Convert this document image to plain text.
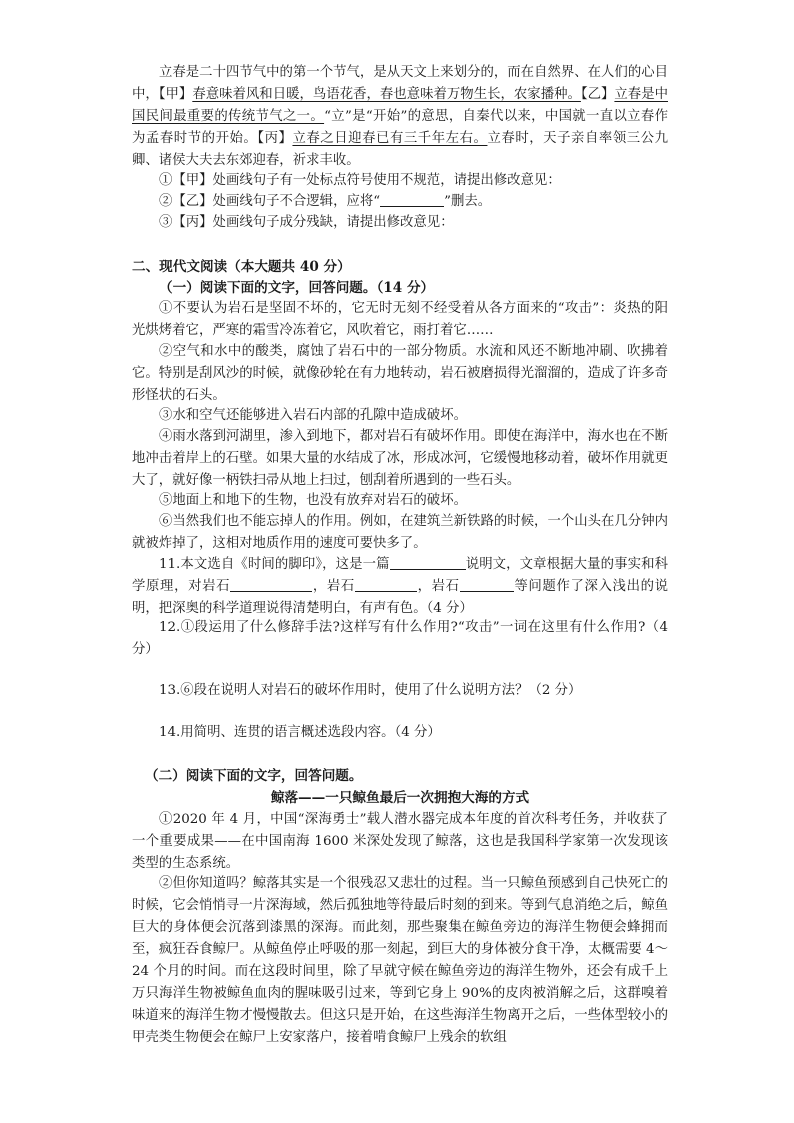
立春是二十四节气中的第一个节气，是从天文上来划分的，而在自然界、在人们的心目中，【甲】春意味着风和日暖，鸟语花香，春也意味着万物生长，农家播种。【乙】立春是中国民间最重要的传统节气之一。“立”是“开始”的意思，自秦代以来，中国就一直以立春作为孟春时节的开始。【丙】立春之日迎春已有三千年左右。立春时，天子亲自率领三公九卿、诸侯大夫去东郊迎春，祈求丰收。

①【甲】处画线句子有一处标点符号使用不规范，请提出修改意见：
②【乙】处画线句子不合逻辑，应将“	”删去。
③【丙】处画线句子成分残缺，请提出修改意见：
二、现代文阅读（本大题共 40 分）
（一）阅读下面的文字，回答问题。（14 分）

①不要认为岩石是坚固不坏的，它无时无刻不经受着从各方面来的“攻击”：炎热的阳光烘烤着它，严寒的霜雪冷冻着它，风吹着它，雨打着它……

②空气和水中的酸类，腐蚀了岩石中的一部分物质。水流和风还不断地冲刷、吹拂着它。特别是刮风沙的时候，就像砂轮在有力地转动，岩石被磨损得光溜溜的，造成了许多奇形怪状的石头。

③水和空气还能够进入岩石内部的孔隙中造成破坏。

④雨水落到河湖里，渗入到地下，都对岩石有破坏作用。即使在海洋中，海水也在不断地冲击着岸上的石壁。如果大量的水结成了冰，形成冰河，它缓慢地移动着，破坏作用就更大了，就好像一柄铁扫帚从地上扫过，刨刮着所遇到的一些石头。

⑤地面上和地下的生物，也没有放弃对岩石的破坏。

⑥当然我们也不能忘掉人的作用。例如，在建筑兰新铁路的时候，一个山头在几分钟内就被炸掉了，这相对地质作用的速度可要快多了。

11.本文选自《时间的脚印》，这是一篇	说明文，文章根据大量的事实和科学原理，对岩石	，岩石	，岩石	等问题作了深入浅出的说明，把深奥的科学道理说得清楚明白，有声有色。（4 分）

12.①段运用了什么修辞手法?这样写有什么作用?“攻击”一词在这里有什么作用?（4 分）

13.⑥段在说明人对岩石的破坏作用时，使用了什么说明方法？（2 分）

14.用简明、连贯的语言概述选段内容。（4 分）

（二）阅读下面的文字，回答问题。
鲸落——一只鲸鱼最后一次拥抱大海的方式

①2020 年 4 月，中国“深海勇士”载人潜水器完成本年度的首次科考任务，并收获了一个重要成果——在中国南海 1600 米深处发现了鲸落，这也是我国科学家第一次发现该类型的生态系统。

②但你知道吗？鲸落其实是一个很残忍又悲壮的过程。当一只鲸鱼预感到自己快死亡的时候，它会悄悄寻一片深海域，然后孤独地等待最后时刻的到来。等到气息消绝之后，鲸鱼巨大的身体便会沉落到漆黑的深海。而此刻，那些聚集在鲸鱼旁边的海洋生物便会蜂拥而至，疯狂吞食鲸尸。从鲸鱼停止呼吸的那一刻起，到巨大的身体被分食干净，太概需要 4～24 个月的时间。而在这段时间里，除了早就守候在鲸鱼旁边的海洋生物外，还会有成千上万只海洋生物被鲸鱼血肉的腥味吸引过来，等到它身上 90%的皮肉被消解之后，这群嗅着味道来的海洋生物才慢慢散去。但这只是开始，在这些海洋生物离开之后，一些体型较小的甲壳类生物便会在鲸尸上安家落户，接着啃食鲸尸上残余的软组
